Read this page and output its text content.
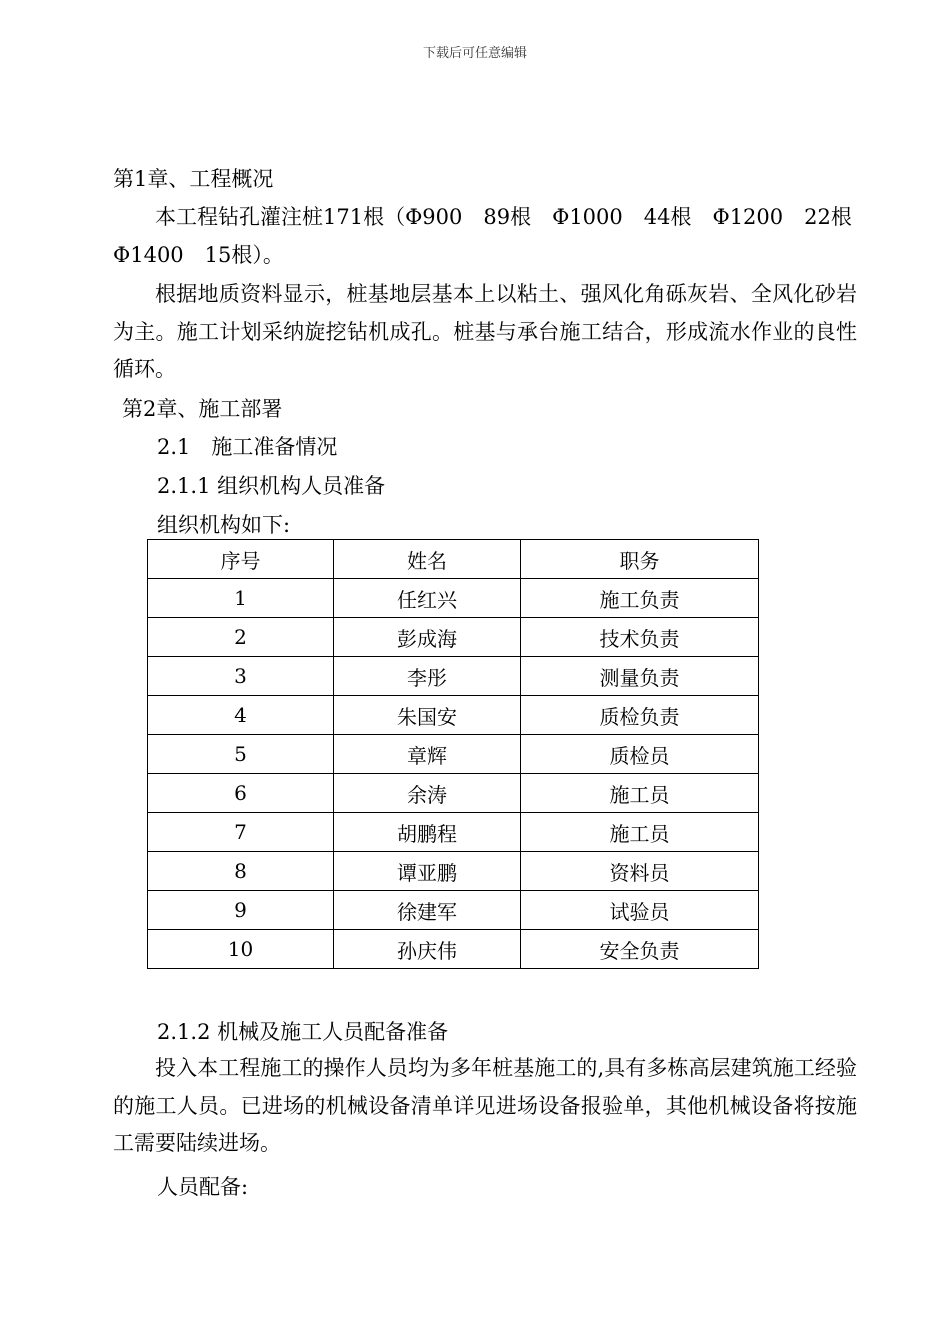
下载后可任意编辑
第1章、工程概况
本工程钻孔灌注桩171根（Φ900　89根　Φ1000　44根　Φ1200　22根
Φ1400　15根）。
根据地质资料显示，桩基地层基本上以粘土、强风化角砾灰岩、全风化砂岩为主。施工计划采纳旋挖钻机成孔。桩基与承台施工结合，形成流水作业的良性循环。
第2章、施工部署
2.1　施工准备情况
2.1.1 组织机构人员准备
组织机构如下:
序号	姓名	职务
1	任红兴	施工负责
2	彭成海	技术负责
3	李彤	测量负责
4	朱国安	质检负责
5	章辉	质检员
6	余涛	施工员
7	胡鹏程	施工员
8	谭亚鹏	资料员
9	徐建军	试验员
10	孙庆伟	安全负责
2.1.2 机械及施工人员配备准备
投入本工程施工的操作人员均为多年桩基施工的,具有多栋高层建筑施工经验的施工人员。已进场的机械设备清单详见进场设备报验单，其他机械设备将按施工需要陆续进场。
人员配备:
